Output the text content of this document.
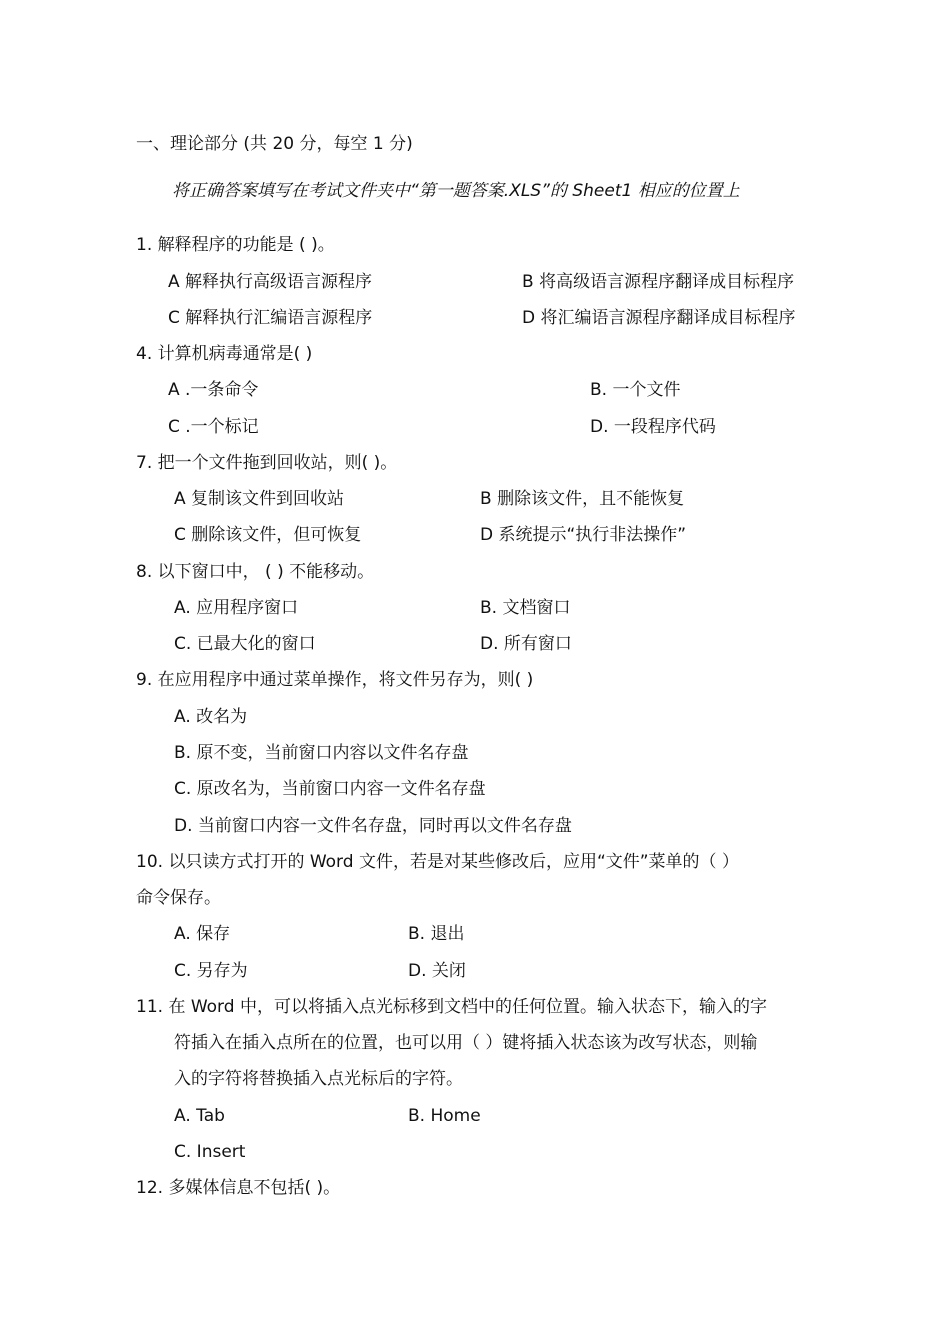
一、理论部分 (共 20 分，每空 1 分)
将正确答案填写在考试文件夹中“第一题答案.XLS”的 Sheet1 相应的位置上
1. 解释程序的功能是 ( )。
A 解释执行高级语言源程序	B 将高级语言源程序翻译成目标程序
C 解释执行汇编语言源程序	D 将汇编语言源程序翻译成目标程序
4. 计算机病毒通常是( )
A .一条命令	B. 一个文件
C .一个标记	D. 一段程序代码
7. 把一个文件拖到回收站，则( )。
A 复制该文件到回收站	B 删除该文件，且不能恢复
C 删除该文件，但可恢复	D 系统提示“执行非法操作”
8. 以下窗口中， ( ) 不能移动。
A. 应用程序窗口	B. 文档窗口
C. 已最大化的窗口	D. 所有窗口
9. 在应用程序中通过菜单操作，将文件另存为，则( )
A. 改名为
B. 原不变，当前窗口内容以文件名存盘
C. 原改名为，当前窗口内容一文件名存盘
D. 当前窗口内容一文件名存盘，同时再以文件名存盘
10. 以只读方式打开的 Word 文件，若是对某些修改后，应用“文件”菜单的（ ）
命令保存。
A. 保存	B. 退出
C. 另存为	D. 关闭
11. 在 Word 中，可以将插入点光标移到文档中的任何位置。输入状态下，输入的字
符插入在插入点所在的位置，也可以用（ ）键将插入状态该为改写状态，则输
入的字符将替换插入点光标后的字符。
A. Tab	B. Home
C. Insert
12. 多媒体信息不包括( )。
